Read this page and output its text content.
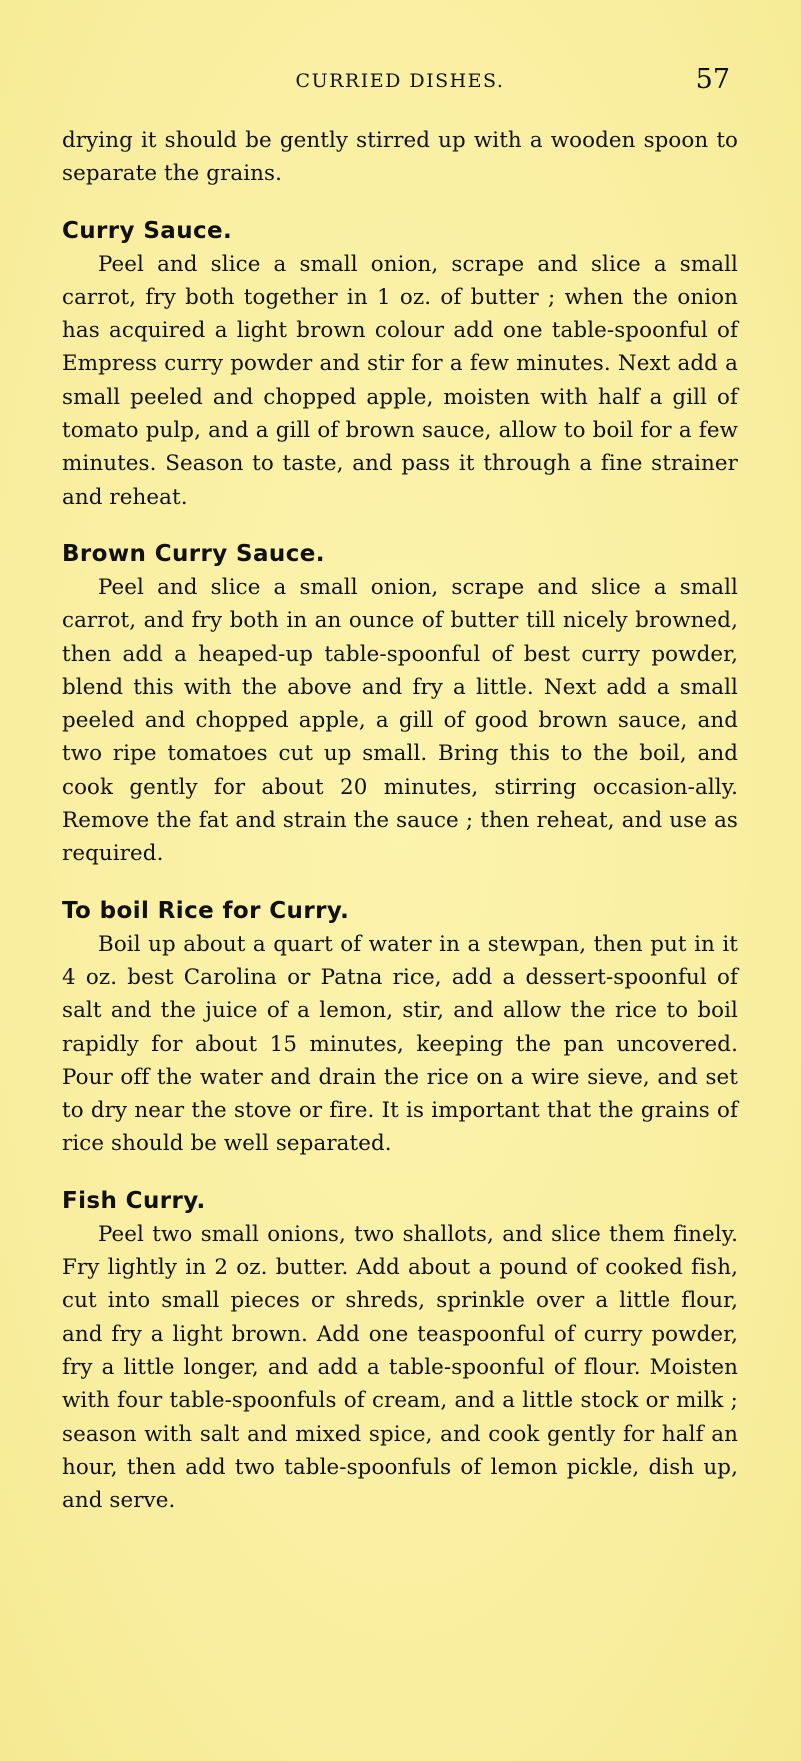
CURRIED DISHES.	57

drying it should be gently stirred up with a wooden spoon to separate the grains.

Curry Sauce.

Peel and slice a small onion, scrape and slice a small carrot, fry both together in 1 oz. of butter ; when the onion has acquired a light brown colour add one table-spoonful of Empress curry powder and stir for a few minutes. Next add a small peeled and chopped apple, moisten with half a gill of tomato pulp, and a gill of brown sauce, allow to boil for a few minutes. Season to taste, and pass it through a fine strainer and reheat.

Brown Curry Sauce.

Peel and slice a small onion, scrape and slice a small carrot, and fry both in an ounce of butter till nicely browned, then add a heaped-up table-spoonful of best curry powder, blend this with the above and fry a little. Next add a small peeled and chopped apple, a gill of good brown sauce, and two ripe tomatoes cut up small. Bring this to the boil, and cook gently for about 20 minutes, stirring occasion-ally. Remove the fat and strain the sauce ; then reheat, and use as required.

To boil Rice for Curry.

Boil up about a quart of water in a stewpan, then put in it 4 oz. best Carolina or Patna rice, add a dessert-spoonful of salt and the juice of a lemon, stir, and allow the rice to boil rapidly for about 15 minutes, keeping the pan uncovered. Pour off the water and drain the rice on a wire sieve, and set to dry near the stove or fire. It is important that the grains of rice should be well separated.

Fish Curry.

Peel two small onions, two shallots, and slice them finely. Fry lightly in 2 oz. butter. Add about a pound of cooked fish, cut into small pieces or shreds, sprinkle over a little flour, and fry a light brown. Add one teaspoonful of curry powder, fry a little longer, and add a table-spoonful of flour. Moisten with four table-spoonfuls of cream, and a little stock or milk ; season with salt and mixed spice, and cook gently for half an hour, then add two table-spoonfuls of lemon pickle, dish up, and serve.
